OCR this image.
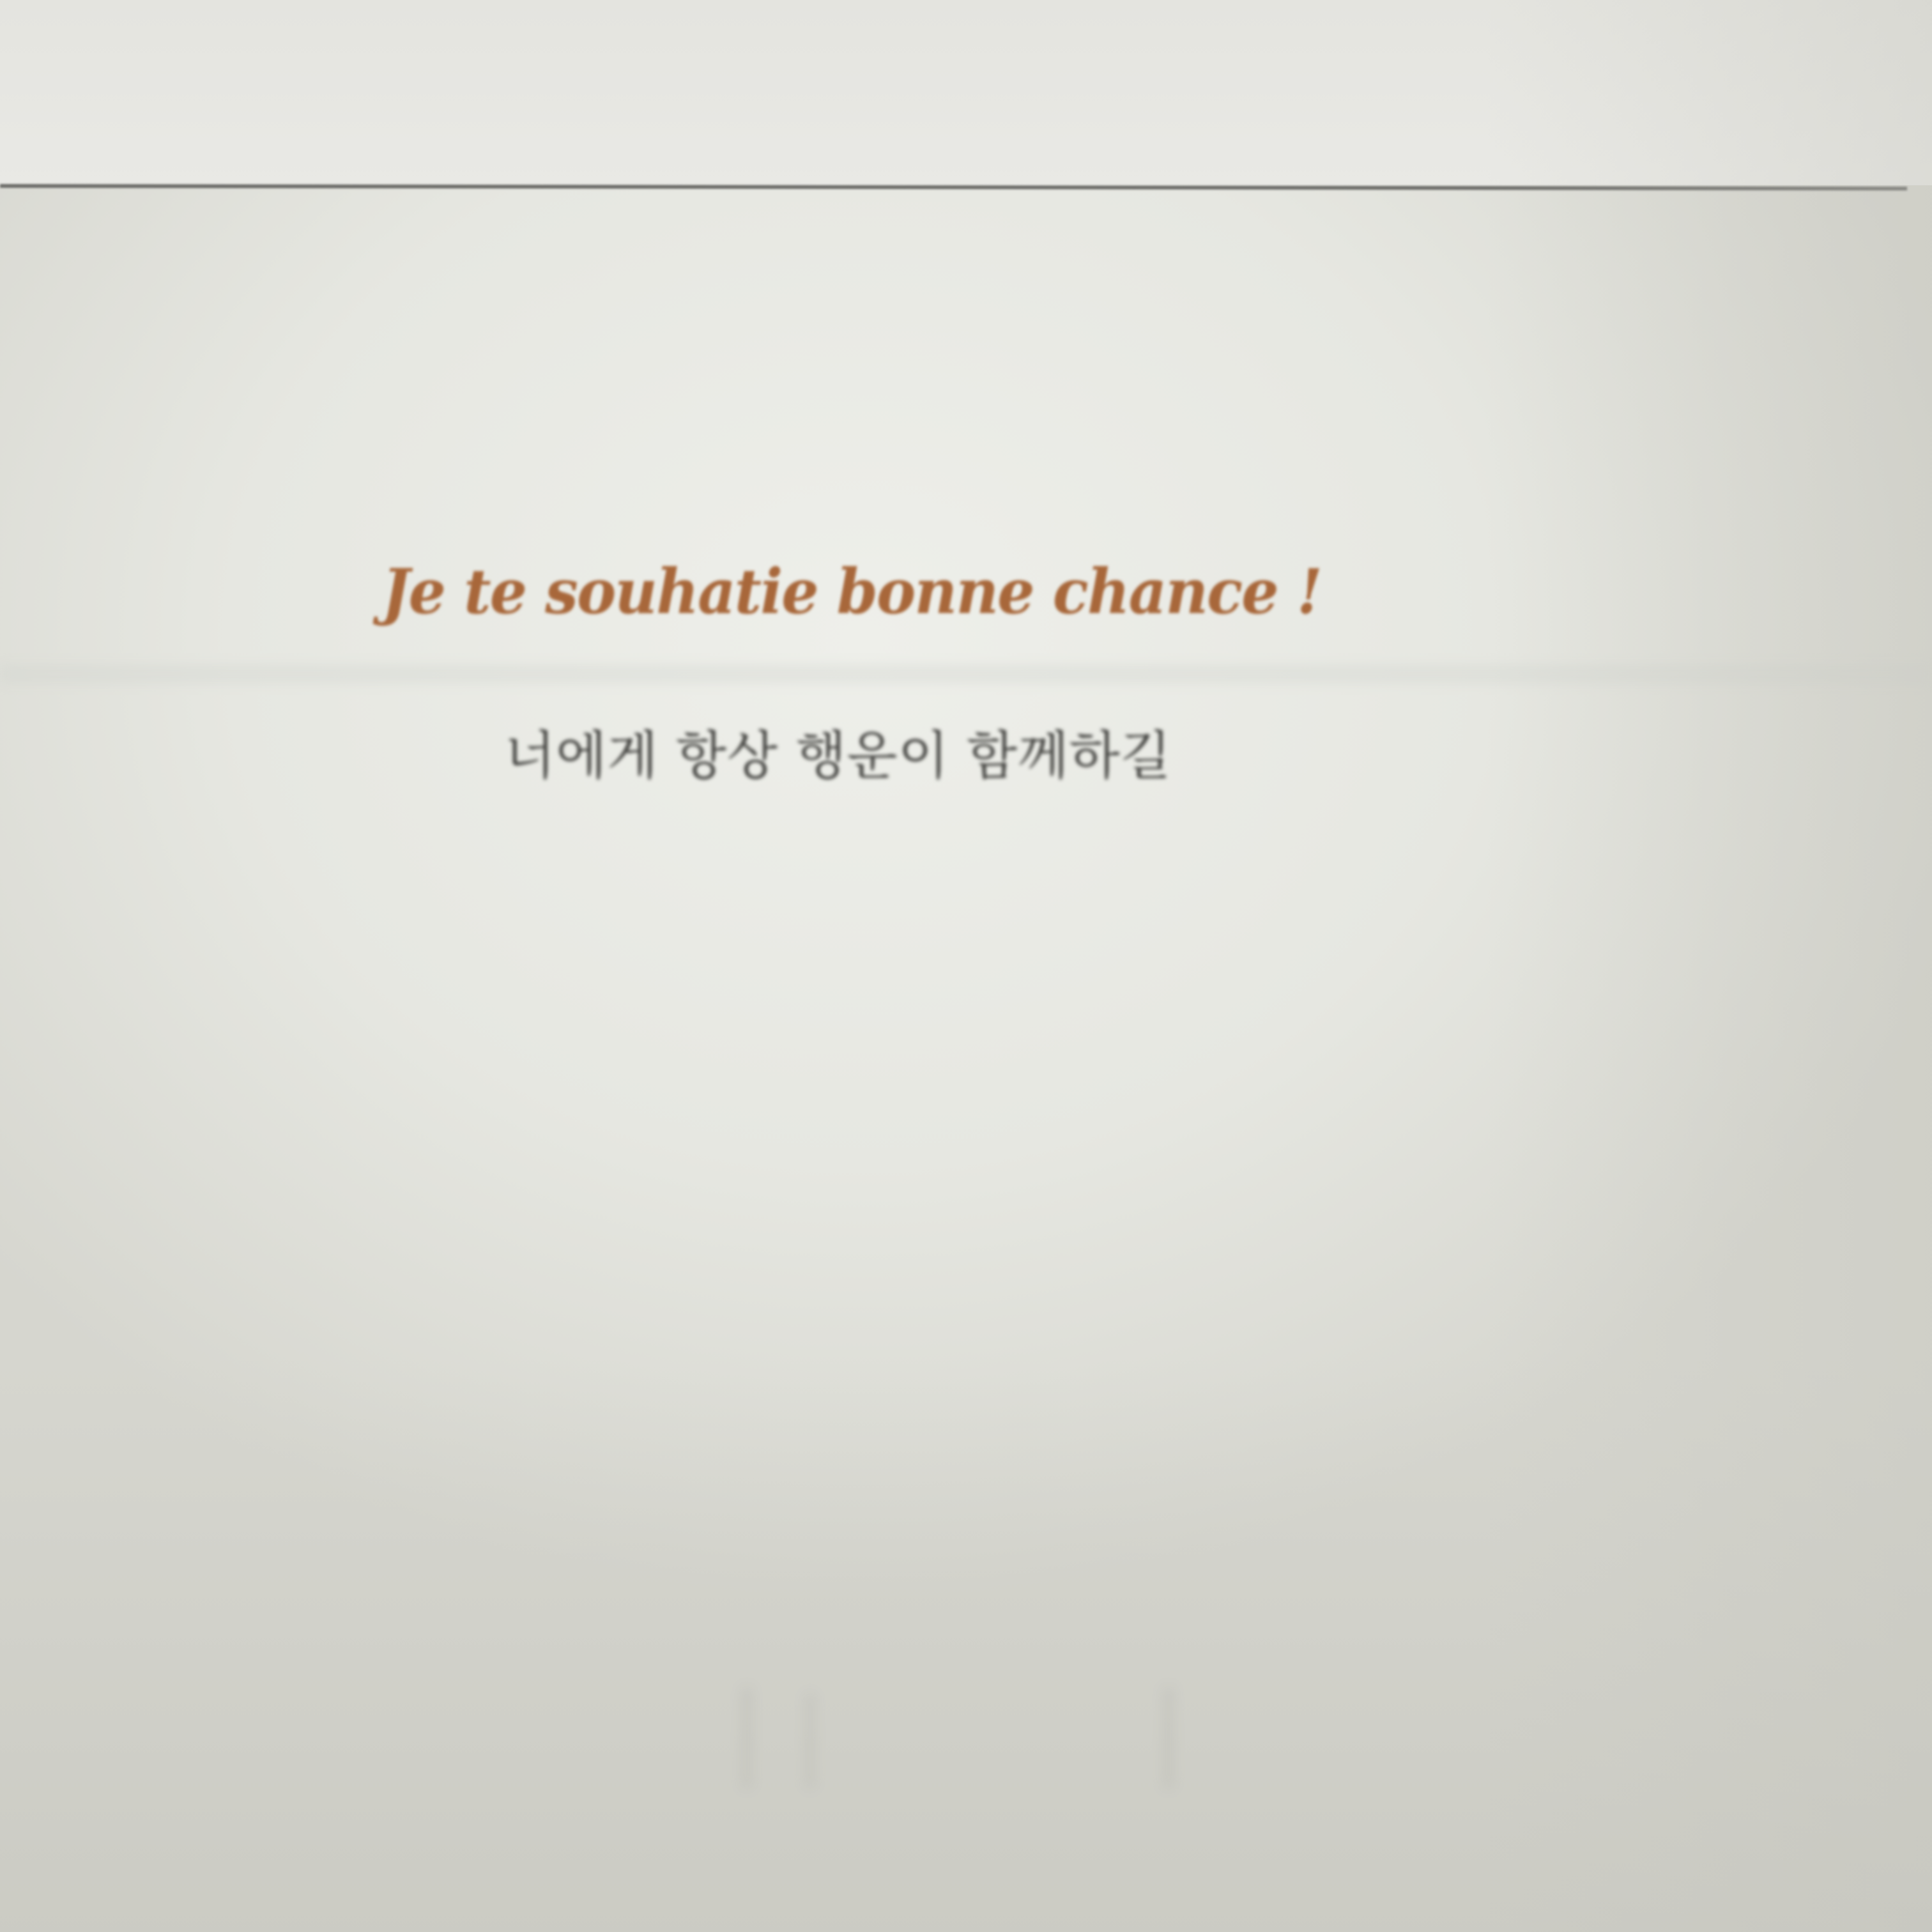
Je te souhatie bonne chance !

너에게 항상 행운이 함께하길
